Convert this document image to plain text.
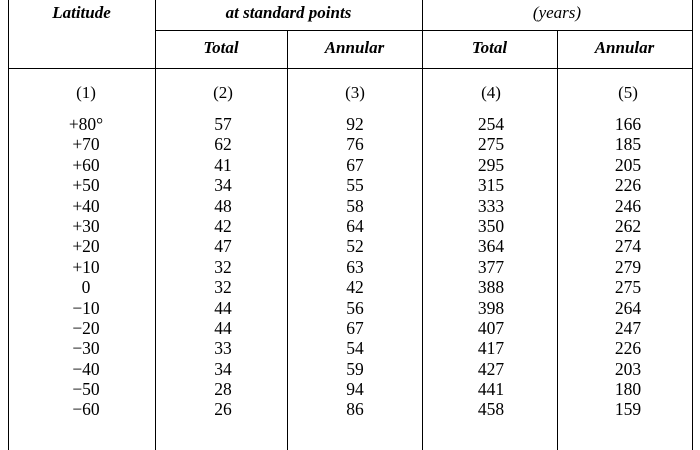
Latitude	at standard points	(years)
Total	Annular	Total	Annular
(1)	(2)	(3)	(4)	(5)
+80°	57	92	254	166
+70	62	76	275	185
+60	41	67	295	205
+50	34	55	315	226
+40	48	58	333	246
+30	42	64	350	262
+20	47	52	364	274
+10	32	63	377	279
0	32	42	388	275
−10	44	56	398	264
−20	44	67	407	247
−30	33	54	417	226
−40	34	59	427	203
−50	28	94	441	180
−60	26	86	458	159
